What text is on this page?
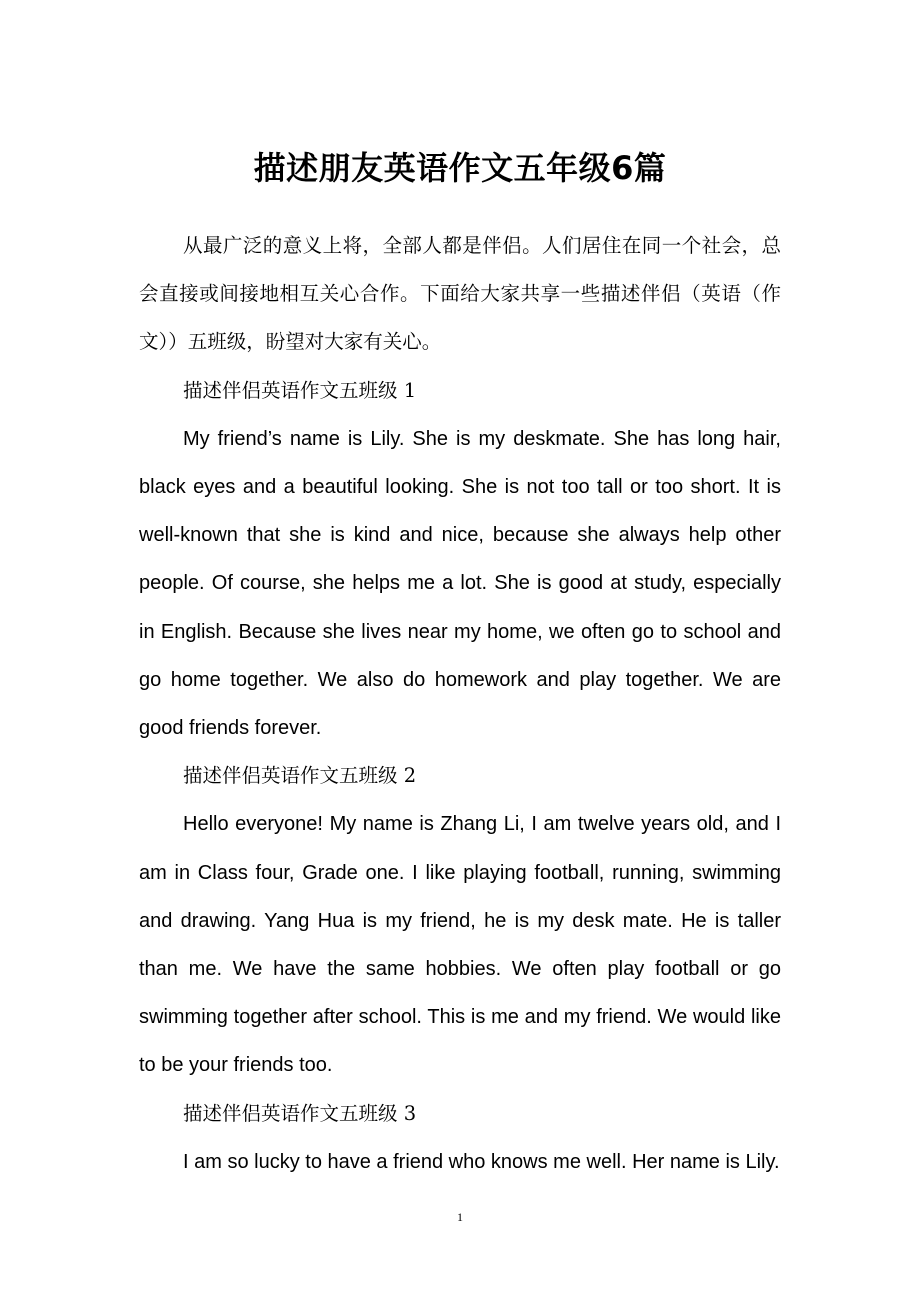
描述朋友英语作文五年级6篇

从最广泛的意义上将，全部人都是伴侣。人们居住在同一个社会，总会直接或间接地相互关心合作。下面给大家共享一些描述伴侣（英语（作文））五班级，盼望对大家有关心。

描述伴侣英语作文五班级 1

My friend’s name is Lily. She is my deskmate. She has long hair, black eyes and a beautiful looking. She is not too tall or too short. It is well-known that she is kind and nice, because she always help other people. Of course, she helps me a lot. She is good at study, especially in English. Because she lives near my home, we often go to school and go home together. We also do homework and play together. We are good friends forever.

描述伴侣英语作文五班级 2

Hello everyone! My name is Zhang Li, I am twelve years old, and I am in Class four, Grade one. I like playing football, running, swimming and drawing. Yang Hua is my friend, he is my desk mate. He is taller than me. We have the same hobbies. We often play football or go swimming together after school. This is me and my friend. We would like to be your friends too.

描述伴侣英语作文五班级 3

I am so lucky to have a friend who knows me well. Her name is Lily.

1
